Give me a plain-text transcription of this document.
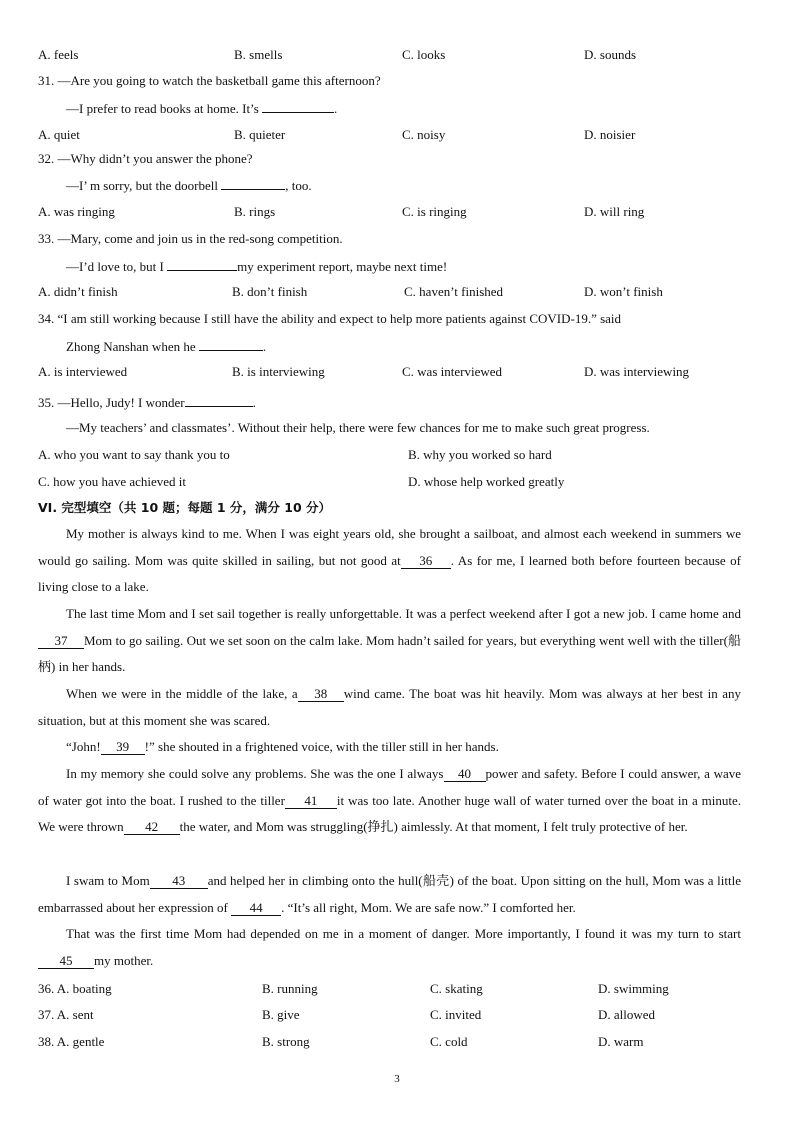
A. feels	B. smells	C. looks	D. sounds
31. —Are you going to watch the basketball game this afternoon?
—I prefer to read books at home. It’s	.
A. quiet	B. quieter	C. noisy	D. noisier
32. —Why didn’t you answer the phone?
—I’ m sorry, but the doorbell	, too.
A. was ringing	B. rings	C. is ringing	D. will ring
33. —Mary, come and join us in the red-song competition.
—I’d love to, but I	my experiment report, maybe next time!
A. didn’t finish	B. don’t finish	C. haven’t finished	D. won’t finish
34. “I am still working because I still have the ability and expect to help more patients against COVID-19.” said
Zhong Nanshan when he	.
A. is interviewed	B. is interviewing	C. was interviewed	D. was interviewing
35. —Hello, Judy! I wonder	.
—My teachers’ and classmates’. Without their help, there were few chances for me to make such great progress.
A. who you want to say thank you to	B. why you worked so hard
C. how you have achieved it	D. whose help worked greatly
VI. 完型填空（共 10 题；每题 1 分，满分 10 分）
My mother is always kind to me. When I was eight years old, she brought a sailboat, and almost each weekend in summers we would go sailing. Mom was quite skilled in sailing, but not good at 36 . As for me, I learned both before fourteen because of living close to a lake.
The last time Mom and I set sail together is really unforgettable. It was a perfect weekend after I got a new job. I came home and37 Mom to go sailing. Out we set soon on the calm lake. Mom hadn’t sailed for years, but everything went well with the tiller(船柄) in her hands.
When we were in the middle of the lake, a 38 wind came. The boat was hit heavily. Mom was always at her best in any situation, but at this moment she was scared.
“John! 39 !” she shouted in a frightened voice, with the tiller still in her hands.
In my memory she could solve any problems. She was the one I always 40 power and safety. Before I could answer, a wave of water got into the boat. I rushed to the tiller 41 it was too late. Another huge wall of water turned over the boat in a minute. We were thrown 42 the water, and Mom was struggling(挣扎) aimlessly. At that moment, I felt truly protective of her.
I swam to Mom 43 and helped her in climbing onto the hull(船壳) of the boat. Upon sitting on the hull, Mom was a little embarrassed about her expression of 44 . “It’s all right, Mom. We are safe now.” I comforted her.
That was the first time Mom had depended on me in a moment of danger. More importantly, I found it was my turn to start45 my mother.
36. A. boating	B. running	C. skating	D. swimming
37. A. sent	B. give	C. invited	D. allowed
38. A. gentle	B. strong	C. cold	D. warm
3
